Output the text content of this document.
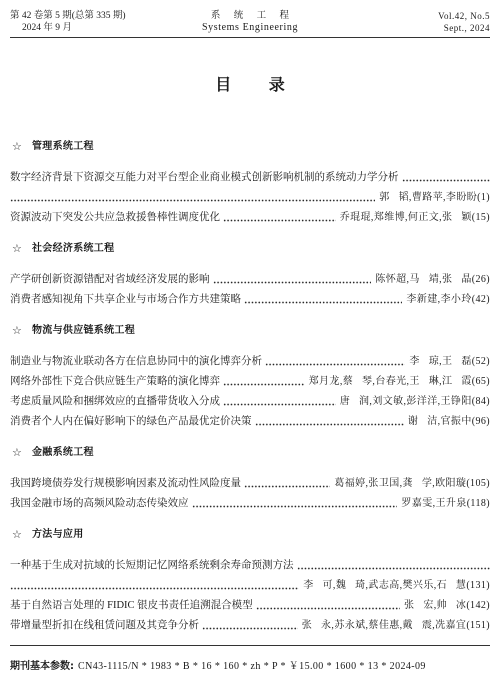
第 42 卷第 5 期(总第 335 期)
2024 年 9 月
系 统 工 程
Systems Engineering
Vol.42, No.5
Sept., 2024
目 录
☆	管理系统工程
数字经济背景下资源交互能力对平台型企业商业模式创新影响机制的系统动力学分析
郭 韬,曹路苹,李盼盼(1)
资源波动下突发公共应急救援鲁棒性调度优化	乔琨琨,郑维博,何正文,张 颖(15)
☆	社会经济系统工程
产学研创新资源错配对省域经济发展的影响	陈怀超,马 靖,张 晶(26)
消费者感知视角下共享企业与市场合作方共建策略	李新建,李小玲(42)
☆	物流与供应链系统工程
制造业与物流业联动各方在信息协同中的演化博弈分析	李 琼,王 磊(52)
网络外部性下竞合供应链生产策略的演化博弈	郑月龙,蔡 琴,台春光,王 琳,江 霞(65)
考虑质量风险和捆绑效应的直播带货收入分成	唐 润,刘文敏,彭洋洋,王铮阳(84)
消费者个人内在偏好影响下的绿色产品最优定价决策	谢 洁,官振中(96)
☆	金融系统工程
我国跨境债券发行规模影响因素及流动性风险度量	葛福婷,张卫国,龚 学,欧阳璇(105)
我国金融市场的高频风险动态传染效应	罗嘉雯,王升泉(118)
☆	方法与应用
一种基于生成对抗域的长短期记忆网络系统剩余寿命预测方法
李 可,魏 琦,武志高,樊兴乐,石 慧(131)
基于自然语言处理的 FIDIC 银皮书责任追溯混合模型	张 宏,帅 冰(142)
带增量型折扣在线租赁问题及其竞争分析	张 永,苏永斌,蔡佳惠,戴 震,冼嘉宜(151)
期刊基本参数: CN43-1115/N * 1983 * B * 16 * 160 * zh * P * ￥15.00 * 1600 * 13 * 2024-09
